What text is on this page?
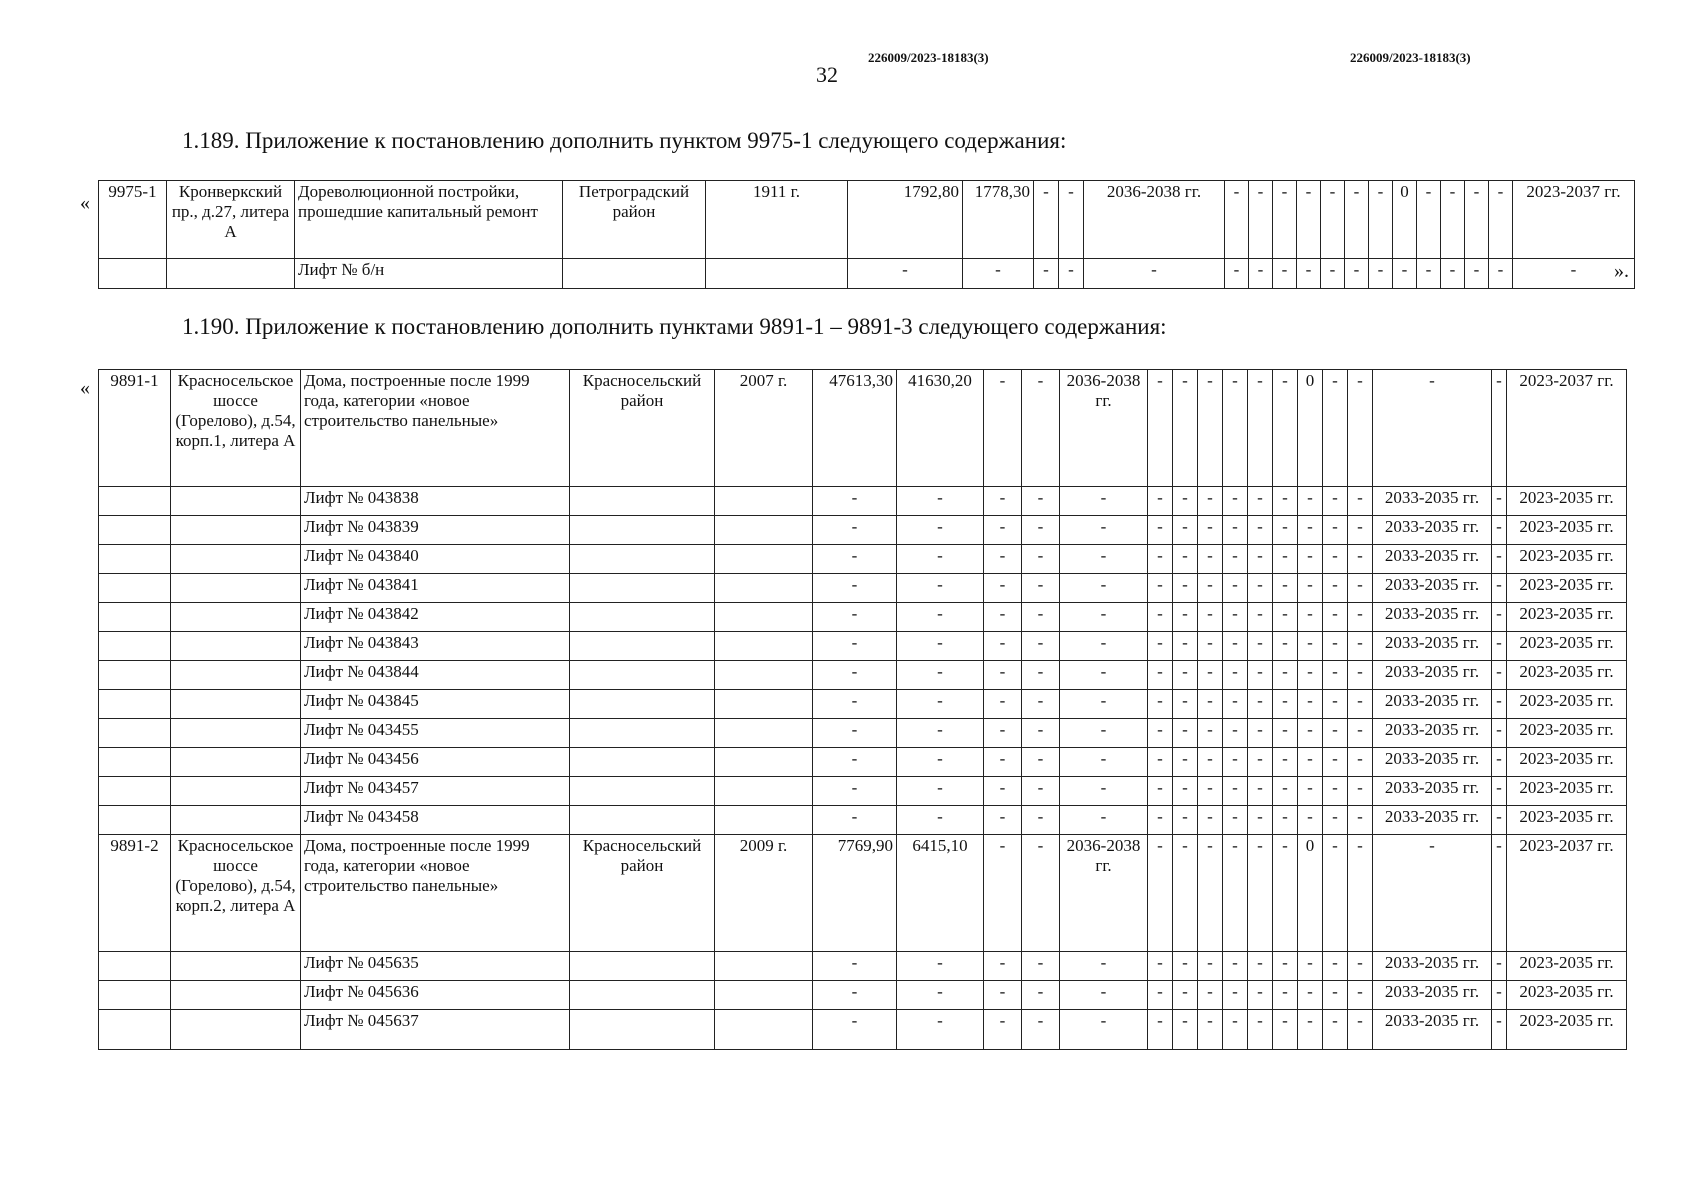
226009/2023-18183(3)	226009/2023-18183(3)
32
1.189. Приложение к постановлению дополнить пунктом 9975-1 следующего содержания:
«
».
9975-1	Кронверкский пр., д.27, литера А	Дореволюционной постройки, прошедшие капитальный ремонт	Петроградский район	1911 г.	1792,80	1778,30	-	-	2036-2038 гг.	-	-	-	-	-	-	-	0	-	-	-	-	2023-2037 гг.
		Лифт № б/н			-	-	-	-	-	-	-	-	-	-	-	-	-	-	-	-	-	-
1.190. Приложение к постановлению дополнить пунктами 9891-1 – 9891-3 следующего содержания:
« 9891-1	Красносельское шоссе (Горелово), д.54, корп.1, литера А	Дома, построенные после 1999 года, категории «новое строительство панельные»	Красносельский район	2007 г.	47613,30	41630,20	-	-	2036-2038 гг.	-	-	-	-	-	-	0	-	-	-	-	2023-2037 гг.
		Лифт № 043838			-	-	-	-	-	-	-	-	-	-	-	-	-	-	2033-2035 гг.	-	2023-2035 гг.
		Лифт № 043839			-	-	-	-	-	-	-	-	-	-	-	-	-	-	2033-2035 гг.	-	2023-2035 гг.
		Лифт № 043840			-	-	-	-	-	-	-	-	-	-	-	-	-	-	2033-2035 гг.	-	2023-2035 гг.
		Лифт № 043841			-	-	-	-	-	-	-	-	-	-	-	-	-	-	2033-2035 гг.	-	2023-2035 гг.
		Лифт № 043842			-	-	-	-	-	-	-	-	-	-	-	-	-	-	2033-2035 гг.	-	2023-2035 гг.
		Лифт № 043843			-	-	-	-	-	-	-	-	-	-	-	-	-	-	2033-2035 гг.	-	2023-2035 гг.
		Лифт № 043844			-	-	-	-	-	-	-	-	-	-	-	-	-	-	2033-2035 гг.	-	2023-2035 гг.
		Лифт № 043845			-	-	-	-	-	-	-	-	-	-	-	-	-	-	2033-2035 гг.	-	2023-2035 гг.
		Лифт № 043455			-	-	-	-	-	-	-	-	-	-	-	-	-	-	2033-2035 гг.	-	2023-2035 гг.
		Лифт № 043456			-	-	-	-	-	-	-	-	-	-	-	-	-	-	2033-2035 гг.	-	2023-2035 гг.
		Лифт № 043457			-	-	-	-	-	-	-	-	-	-	-	-	-	-	2033-2035 гг.	-	2023-2035 гг.
		Лифт № 043458			-	-	-	-	-	-	-	-	-	-	-	-	-	-	2033-2035 гг.	-	2023-2035 гг.
9891-2	Красносельское шоссе (Горелово), д.54, корп.2, литера А	Дома, построенные после 1999 года, категории «новое строительство панельные»	Красносельский район	2009 г.	7769,90	6415,10	-	-	2036-2038 гг.	-	-	-	-	-	-	0	-	-	-	-	2023-2037 гг.
		Лифт № 045635			-	-	-	-	-	-	-	-	-	-	-	-	-	-	2033-2035 гг.	-	2023-2035 гг.
		Лифт № 045636			-	-	-	-	-	-	-	-	-	-	-	-	-	-	2033-2035 гг.	-	2023-2035 гг.
		Лифт № 045637			-	-	-	-	-	-	-	-	-	-	-	-	-	-	2033-2035 гг.	-	2023-2035 гг.
